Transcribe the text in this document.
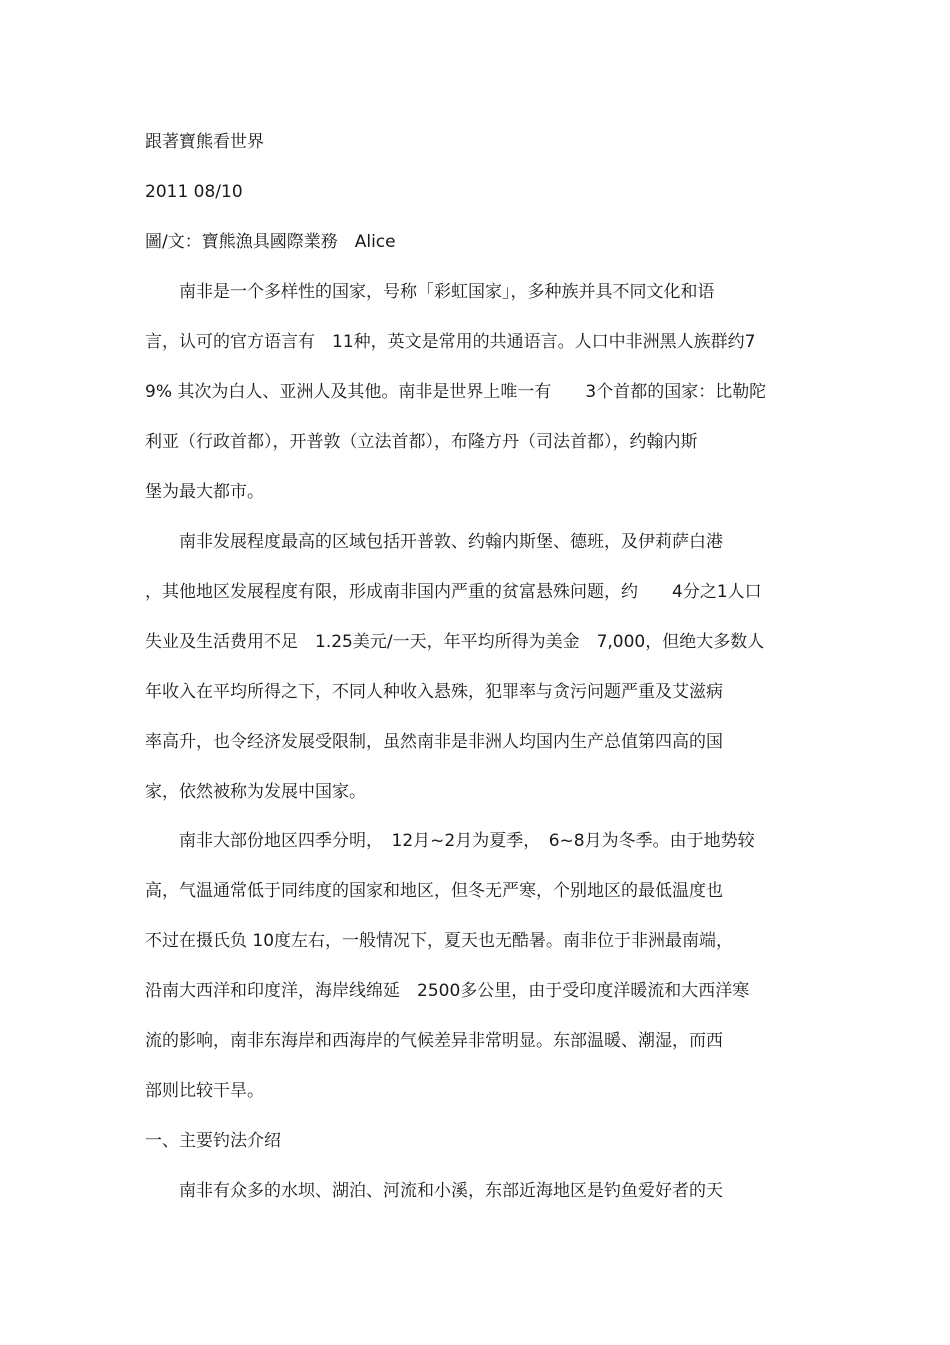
跟著寶熊看世界
2011 08/10
圖/文：寶熊漁具國際業務　Alice
　　南非是一个多样性的国家，号称「彩虹国家」，多种族并具不同文化和语
言，认可的官方语言有　11种，英文是常用的共通语言。人口中非洲黑人族群约7
9% 其次为白人、亚洲人及其他。南非是世界上唯一有　　3个首都的国家：比勒陀
利亚（行政首都），开普敦（立法首都），布隆方丹（司法首都），约翰内斯
堡为最大都市。
　　南非发展程度最高的区域包括开普敦、约翰内斯堡、德班，及伊莉萨白港
，其他地区发展程度有限，形成南非国内严重的贫富悬殊问题，约　　4分之1人口
失业及生活费用不足　1.25美元/一天，年平均所得为美金　7,000，但绝大多数人
年收入在平均所得之下，不同人种收入悬殊，犯罪率与贪污问题严重及艾滋病
率高升，也令经济发展受限制，虽然南非是非洲人均国内生产总值第四高的国
家，依然被称为发展中国家。
　　南非大部份地区四季分明，　12月~2月为夏季，　6~8月为冬季。由于地势较
高，气温通常低于同纬度的国家和地区，但冬无严寒，个别地区的最低温度也
不过在摄氏负 10度左右，一般情况下，夏天也无酷暑。南非位于非洲最南端，
沿南大西洋和印度洋，海岸线绵延　2500多公里，由于受印度洋暖流和大西洋寒
流的影响，南非东海岸和西海岸的气候差异非常明显。东部温暖、潮湿，而西
部则比较干旱。
一、主要钓法介绍
　　南非有众多的水坝、湖泊、河流和小溪，东部近海地区是钓鱼爱好者的天
